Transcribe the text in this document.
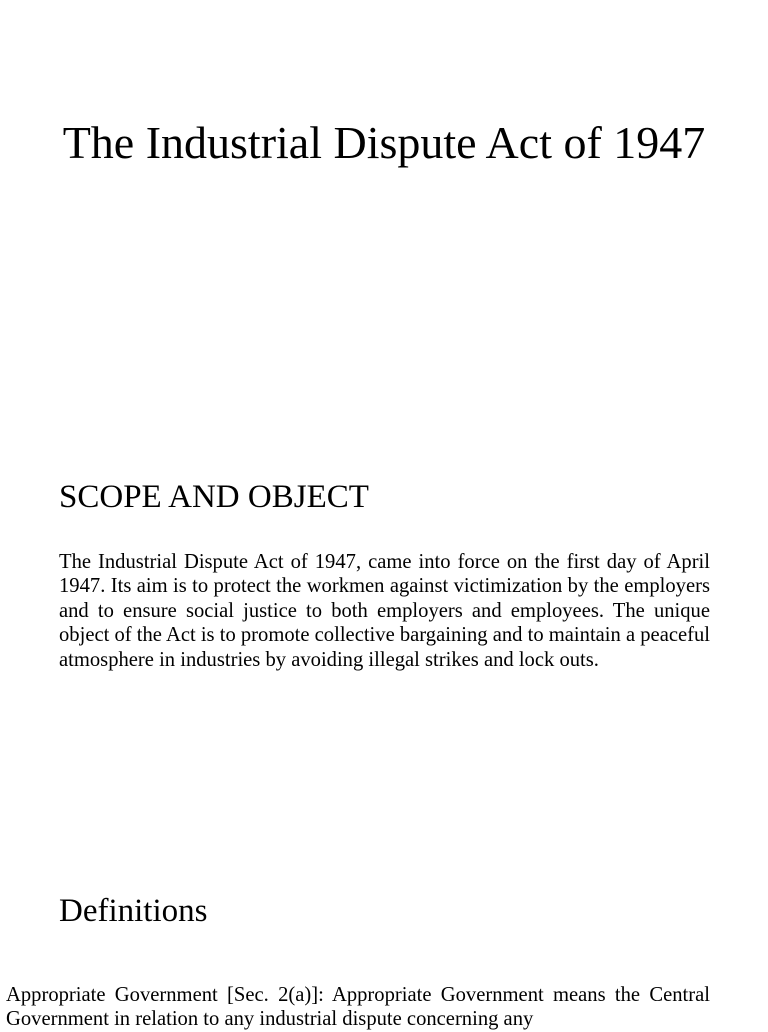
The Industrial Dispute Act of 1947
SCOPE AND OBJECT

The Industrial Dispute Act of 1947, came into force on the first day of April 1947. Its aim is to protect the workmen against victimization by the employers and to ensure social justice to both employers and employees. The unique object of the Act is to promote collective bargaining and to maintain a peaceful atmosphere in industries by avoiding illegal strikes and lock outs.

Definitions

Appropriate Government [Sec. 2(a)]: Appropriate Government means the Central Government in relation to any industrial dispute concerning any
